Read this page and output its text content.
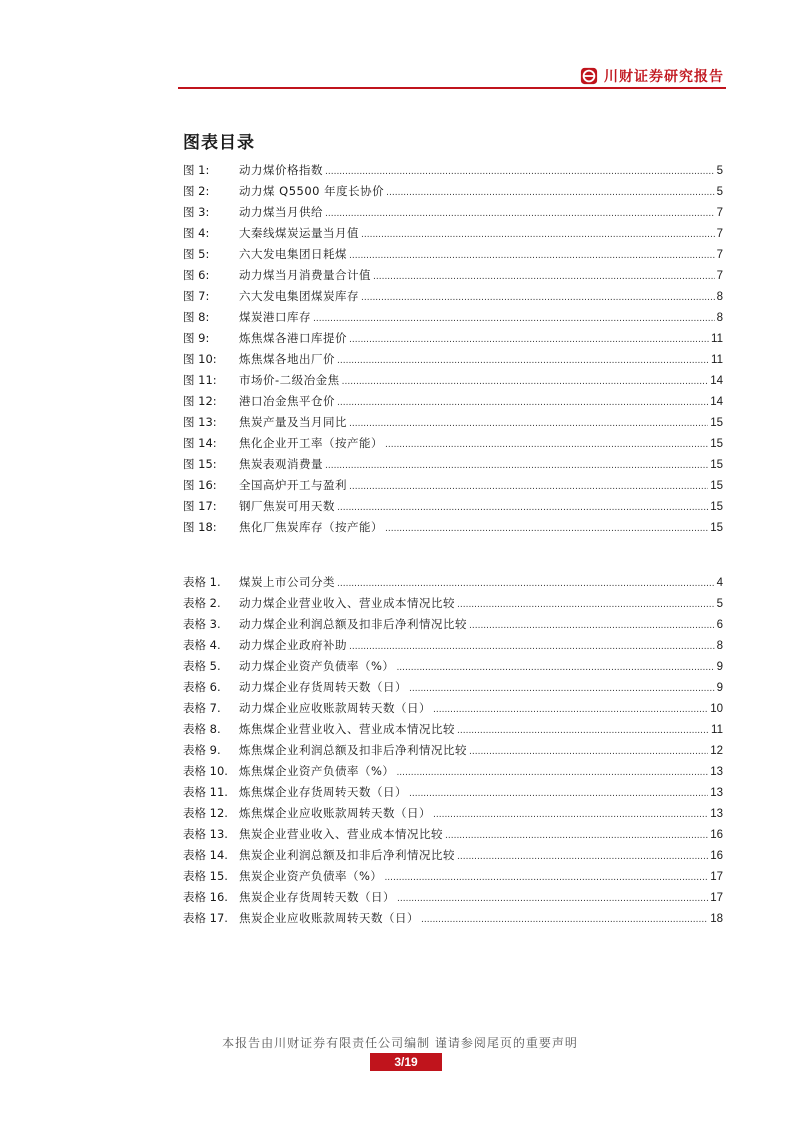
川财证券研究报告
图表目录
图 1:	动力煤价格指数 .....	5
图 2:	动力煤 Q5500 年度长协价 .....	5
图 3:	动力煤当月供给 .....	7
图 4:	大秦线煤炭运量当月值 .....	7
图 5:	六大发电集团日耗煤 .....	7
图 6:	动力煤当月消费量合计值 .....	7
图 7:	六大发电集团煤炭库存 .....	8
图 8:	煤炭港口库存 .....	8
图 9:	炼焦煤各港口库提价 .....	11
图 10:	炼焦煤各地出厂价 .....	11
图 11:	市场价-二级冶金焦 .....	14
图 12:	港口冶金焦平仓价 .....	14
图 13:	焦炭产量及当月同比 .....	15
图 14:	焦化企业开工率（按产能） .....	15
图 15:	焦炭表观消费量 .....	15
图 16:	全国高炉开工与盈利 .....	15
图 17:	钢厂焦炭可用天数 .....	15
图 18:	焦化厂焦炭库存（按产能） .....	15
表格 1.	煤炭上市公司分类 .....	4
表格 2.	动力煤企业营业收入、营业成本情况比较 .....	5
表格 3.	动力煤企业利润总额及扣非后净利情况比较 .....	6
表格 4.	动力煤企业政府补助 .....	8
表格 5.	动力煤企业资产负债率（%） .....	9
表格 6.	动力煤企业存货周转天数（日） .....	9
表格 7.	动力煤企业应收账款周转天数（日） .....	10
表格 8.	炼焦煤企业营业收入、营业成本情况比较 .....	11
表格 9.	炼焦煤企业利润总额及扣非后净利情况比较 .....	12
表格 10. 炼焦煤企业资产负债率（%） .....	13
表格 11. 炼焦煤企业存货周转天数（日） .....	13
表格 12. 炼焦煤企业应收账款周转天数（日） .....	13
表格 13. 焦炭企业营业收入、营业成本情况比较 .....	16
表格 14. 焦炭企业利润总额及扣非后净利情况比较 .....	16
表格 15. 焦炭企业资产负债率（%） .....	17
表格 16. 焦炭企业存货周转天数（日） .....	17
表格 17. 焦炭企业应收账款周转天数（日） .....	18
本报告由川财证券有限责任公司编制 谨请参阅尾页的重要声明
3/19
